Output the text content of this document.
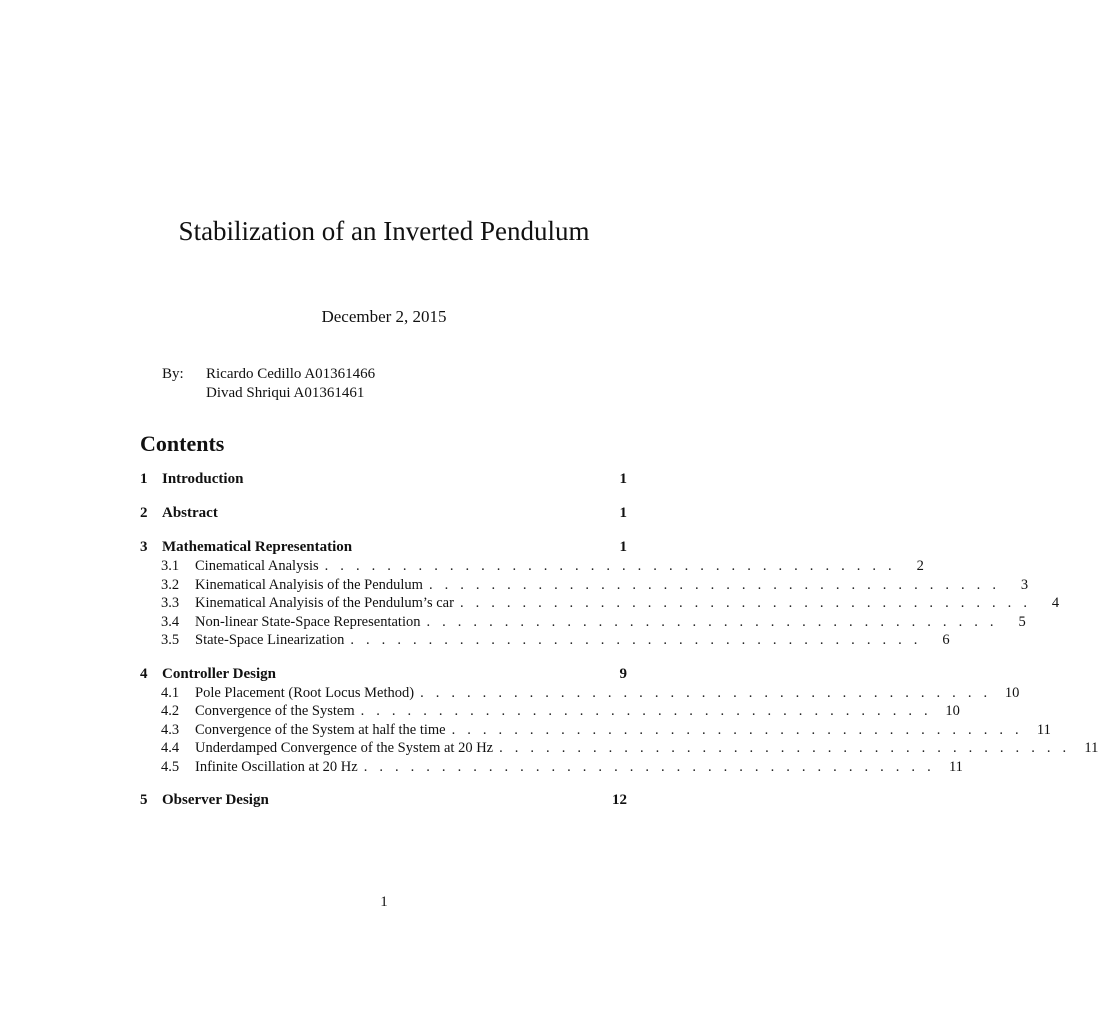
Stabilization of an Inverted Pendulum
December 2, 2015
By:	Ricardo Cedillo A01361466
Divad Shriqui A01361461
Contents
1 Introduction	1
2 Abstract	1
3 Mathematical Representation	1
3.1	Cinematical Analysis . . . . . . . . . . . . . . . . . . . . . . . . . . . . . . . . . . . . .	2
3.2	Kinematical Analyisis of the Pendulum . . . . . . . . . . . . . . . . . . . . . . . . . . . . . . . . . . . . .	3
3.3	Kinematical Analyisis of the Pendulum’s car . . . . . . . . . . . . . . . . . . . . . . . . . . . . . . . . . . . . .	4
3.4	Non-linear State-Space Representation . . . . . . . . . . . . . . . . . . . . . . . . . . . . . . . . . . . . .	5
3.5	State-Space Linearization . . . . . . . . . . . . . . . . . . . . . . . . . . . . . . . . . . . . .	6
4 Controller Design	9
4.1	Pole Placement (Root Locus Method) . . . . . . . . . . . . . . . . . . . . . . . . . . . . . . . . . . . . . 10
4.2	Convergence of the System . . . . . . . . . . . . . . . . . . . . . . . . . . . . . . . . . . . . . 10
4.3	Convergence of the System at half the time . . . . . . . . . . . . . . . . . . . . . . . . . . . . . . . . . . . . . 11
4.4	Underdamped Convergence of the System at 20 Hz . . . . . . . . . . . . . . . . . . . . . . . . . . . . . . . . . . . . . 11
4.5	Infinite Oscillation at 20 Hz . . . . . . . . . . . . . . . . . . . . . . . . . . . . . . . . . . . . . 11
5 Observer Design	12
1
